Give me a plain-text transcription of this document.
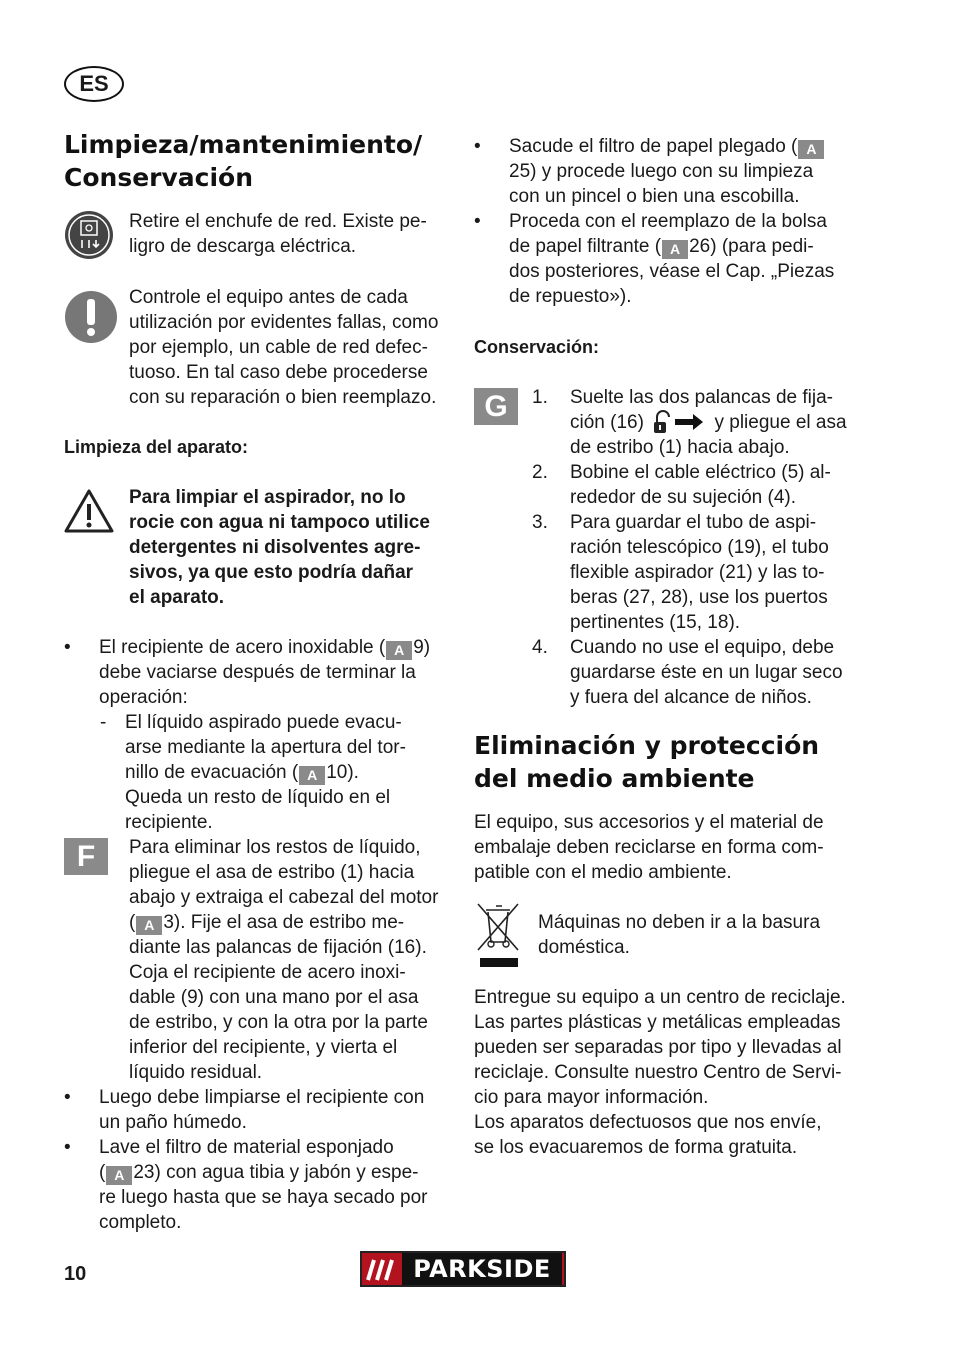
ES
Limpieza/mantenimiento/
Conservación
Retire el enchufe de red. Existe pe-
ligro de descarga eléctrica.
Controle el equipo antes de cada
utilización por evidentes fallas, como
por ejemplo, un cable de red defec-
tuoso. En tal caso debe procederse
con su reparación o bien reemplazo.
Limpieza del aparato:
Para limpiar el aspirador, no lo
rocie con agua ni tampoco utilice
detergentes ni disolventes agre-
sivos, ya que esto podría dañar
el aparato.
• El recipiente de acero inoxidable ( A 9)
debe vaciarse después de terminar la
operación:
- El líquido aspirado puede evacu-
arse mediante la apertura del tor-
nillo de evacuación ( A 10).
Queda un resto de líquido en el
recipiente.
F	Para eliminar los restos de líquido,
pliegue el asa de estribo (1) hacia
abajo y extraiga el cabezal del motor
( A 3). Fije el asa de estribo me-
diante las palancas de fijación (16).
Coja el recipiente de acero inoxi-
dable (9) con una mano por el asa
de estribo, y con la otra por la parte
inferior del recipiente, y vierta el
líquido residual.
• Luego debe limpiarse el recipiente con
un paño húmedo.
• Lave el filtro de material esponjado
( A 23) con agua tibia y jabón y espe-
re luego hasta que se haya secado por
completo.
• Sacude el filtro de papel plegado ( A
25) y procede luego con su limpieza
con un pincel o bien una escobilla.
• Proceda con el reemplazo de la bolsa
de papel filtrante ( A 26) (para pedi-
dos posteriores, véase el Cap. „Piezas
de repuesto»).
Conservación:
G	1. Suelte las dos palancas de fija-
ción (16)	y pliegue el asa
de estribo (1) hacia abajo.
2. Bobine el cable eléctrico (5) al-
rededor de su sujeción (4).
3. Para guardar el tubo de aspi-
ración telescópico (19), el tubo
flexible aspirador (21) y las to-
beras (27, 28), use los puertos
pertinentes (15, 18).
4. Cuando no use el equipo, debe
guardarse éste en un lugar seco
y fuera del alcance de niños.
Eliminación y protección
del medio ambiente
El equipo, sus accesorios y el material de
embalaje deben reciclarse en forma com-
patible con el medio ambiente.
Máquinas no deben ir a la basura
doméstica.
Entregue su equipo a un centro de reciclaje.
Las partes plásticas y metálicas empleadas
pueden ser separadas por tipo y llevadas al
reciclaje. Consulte nuestro Centro de Servi-
cio para mayor información.
Los aparatos defectuosos que nos envíe,
se los evacuaremos de forma gratuita.
10	PARKSIDE
